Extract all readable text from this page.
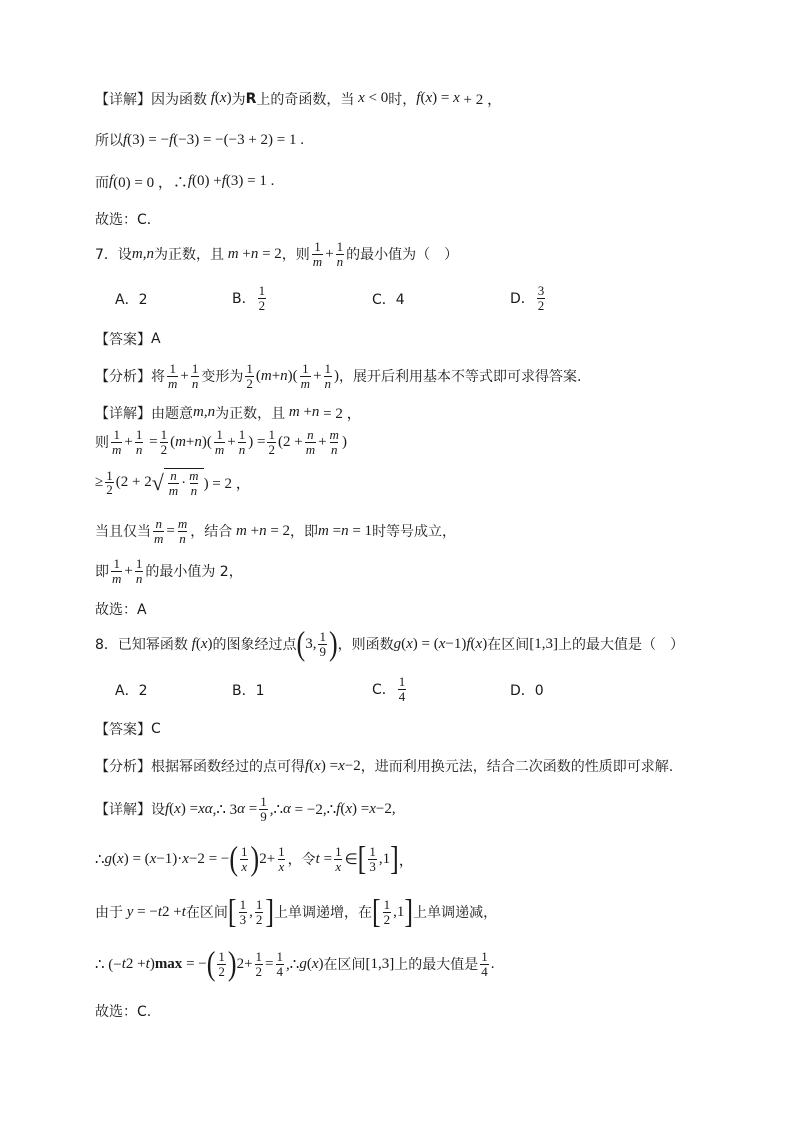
【详解】 因为函数 f ( x ) 为 R 上的奇函数，当 x < 0 时， f ( x ) = x + 2 ，
所以 f (3) = − f (−3) = −(−3 + 2) = 1 .
而 f (0) = 0 ，∴ f (0) + f (3) = 1 .
故选：C．
7．设 m,n 为正数，且 m + n = 2 ，则 $\frac{1}{m} + \frac{1}{n}$ 的最小值为（　）
A．2	B． $\frac{1}{2}$	C．4	D． $\frac{3}{2}$
【答案】 A
【分析】 将 $\frac{1}{m} + \frac{1}{n}$ 变形为 $\frac{1}{2} (m+n)( \frac{1}{m} + \frac{1}{n}$ ) ，展开后利用基本不等式即可求得答案.
【详解】 由题意 m,n 为正数，且 m + n = 2 ，
则 $\frac{1}{m} + \frac{1}{n} = \frac{1}{2} (m+n)( \frac{1}{m} + \frac{1}{n}$ ) = $\frac{1}{2} (2 + \frac{n}{m} + \frac{m}{n}$ )
≥ $\frac{1}{2} (2 + 2$ √ $\frac{n}{m} \cdot \frac{m}{n}$ ) = 2 ，
当且仅当 $\frac{n}{m} = \frac{m}{n}$ ，结合 m + n = 2 ，即 m = n = 1 时等号成立，
即 $\frac{1}{m} + \frac{1}{n}$ 的最小值为 2，
故选：A
8．已知幂函数 f ( x ) 的图象经过点 ( 3, $\frac{1}{9}$ ) ，则函数 g ( x ) = ( x −1) f ( x ) 在区间 [1,3] 上的最大值是（　）
A．2	B．1	C． $\frac{1}{4}$	D．0
【答案】 C
【分析】 根据幂函数经过的点可得 f ( x ) = x −2 ，进而利用换元法，结合二次函数的性质即可求解.
【详解】 设 f ( x ) = x α ,∴ 3 $\alpha = \frac{1}{9}$ ,∴ α = −2,∴ f ( x ) = x −2 ,
∴ g ( x ) = ( x −1)· x −2 = − ( $\frac{1}{x}$ ) $2 + \frac{1}{x}$ ，令 $t = \frac{1}{x}$ ∈ [ $\frac{1}{3} ,1$ ] ，
由于 y = − t 2 + t 在区间 [ $\frac{1}{3}$ , $\frac{1}{2}$ ] 上单调递增，在 [ $\frac{1}{2} ,1$ ] 上单调递减，
∴ (− t 2 + t ) max = − ( $\frac{1}{2}$ ) $2 + \frac{1}{2} = \frac{1}{4}$ ,∴ g ( x ) 在区间 [1,3] 上的最大值是 $\frac{1}{4}$ .
故选：C.
